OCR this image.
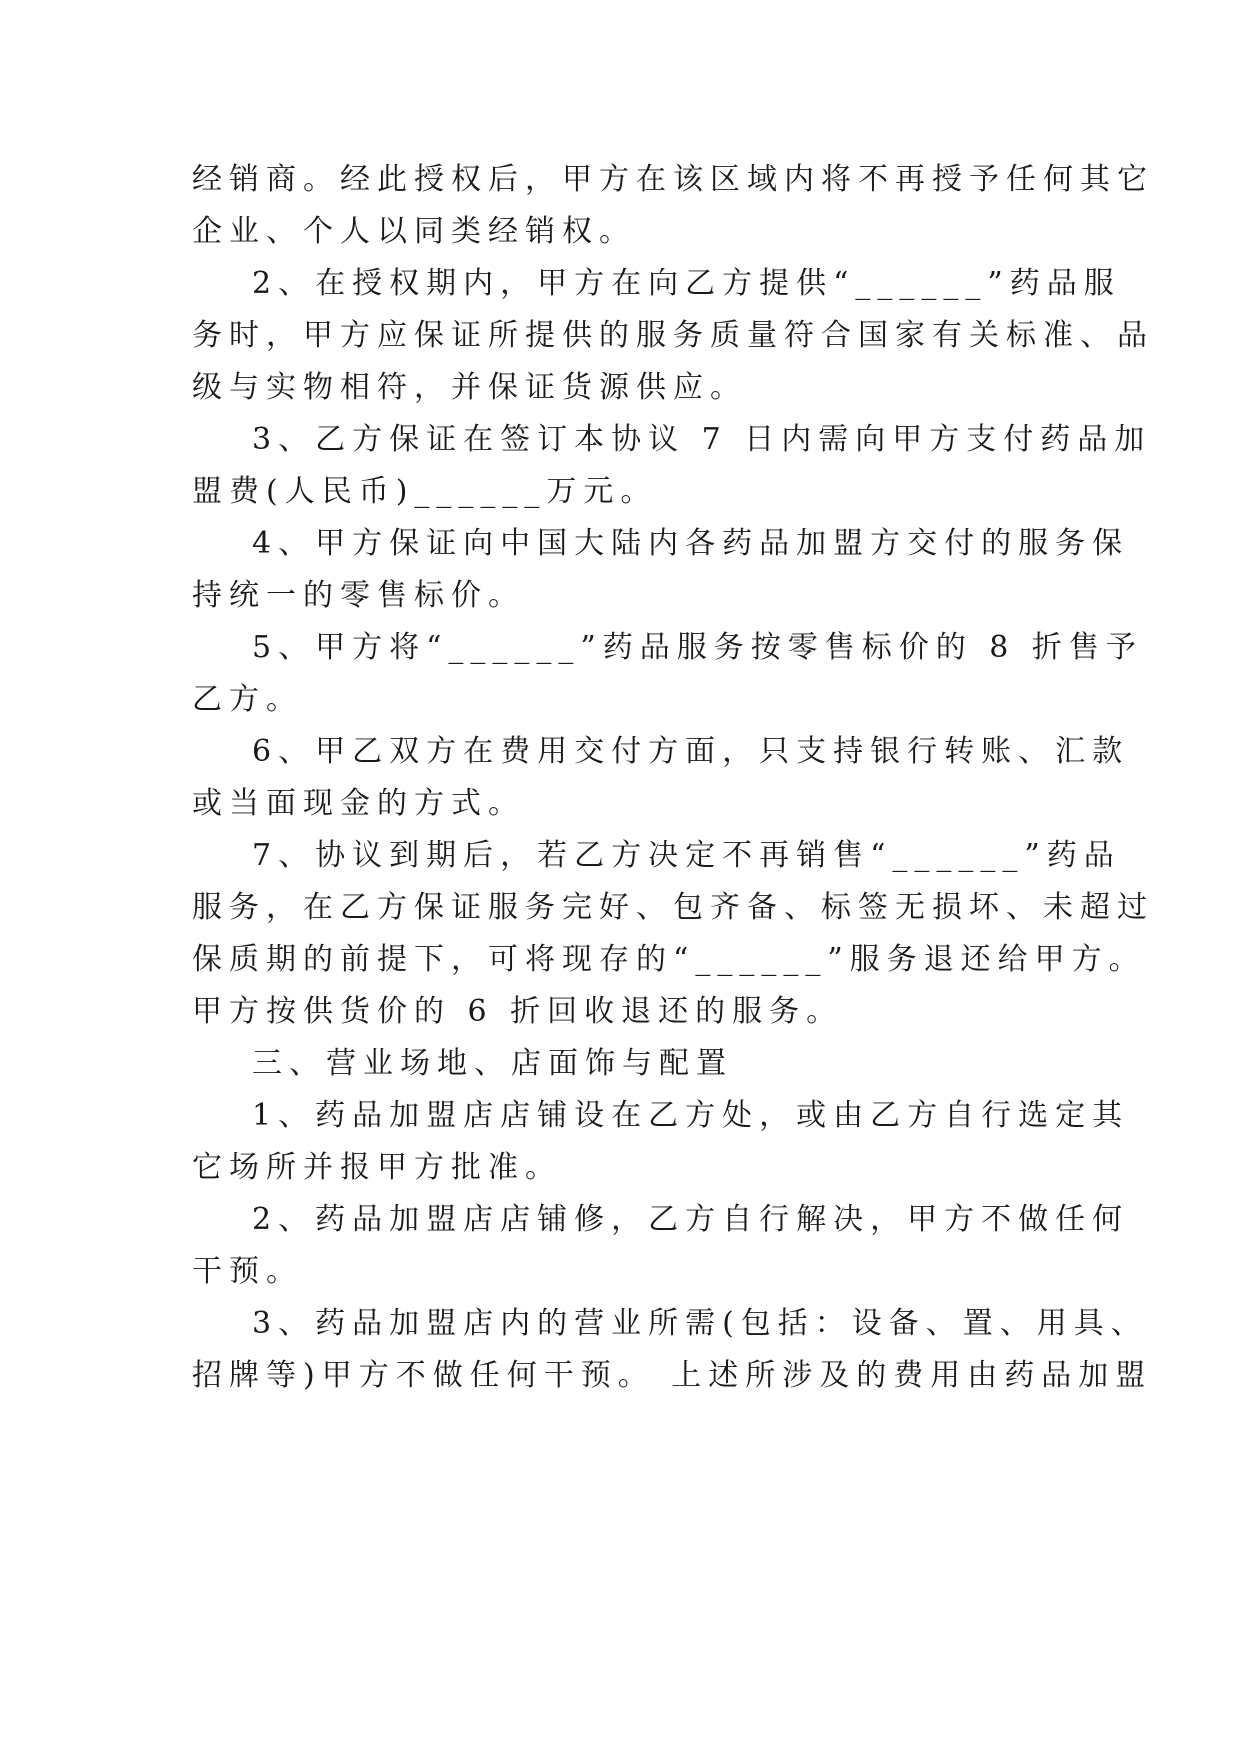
经销商。经此授权后，甲方在该区域内将不再授予任何其它
企业、个人以同类经销权。
2、在授权期内，甲方在向乙方提供“______”药品服
务时，甲方应保证所提供的服务质量符合国家有关标准、品
级与实物相符，并保证货源供应。
3、乙方保证在签订本协议 7 日内需向甲方支付药品加
盟费(人民币)______万元。
4、甲方保证向中国大陆内各药品加盟方交付的服务保
持统一的零售标价。
5、甲方将“______”药品服务按零售标价的 8 折售予
乙方。
6、甲乙双方在费用交付方面，只支持银行转账、汇款
或当面现金的方式。
7、协议到期后，若乙方决定不再销售“______”药品
服务，在乙方保证服务完好、包齐备、标签无损坏、未超过
保质期的前提下，可将现存的“______”服务退还给甲方。
甲方按供货价的 6 折回收退还的服务。
三、营业场地、店面饰与配置
1、药品加盟店店铺设在乙方处，或由乙方自行选定其
它场所并报甲方批准。
2、药品加盟店店铺修，乙方自行解决，甲方不做任何
干预。
3、药品加盟店内的营业所需(包括：设备、置、用具、
招牌等)甲方不做任何干预。 上述所涉及的费用由药品加盟
